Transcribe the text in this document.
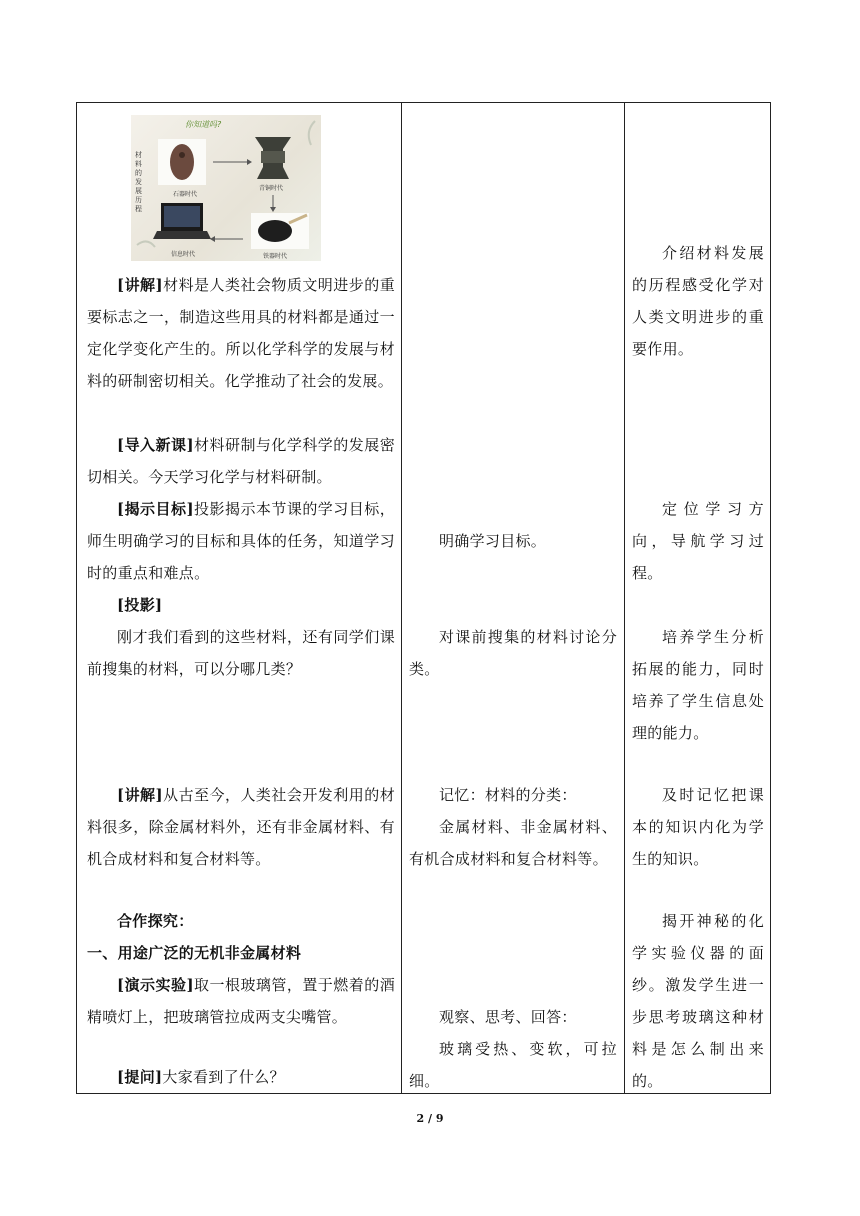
你知道吗?
材料的发展历程
石器时代
青铜时代
铁器时代
信息时代
[讲解]材料是人类社会物质文明进步的重要标志之一，制造这些用具的材料都是通过一定化学变化产生的。所以化学科学的发展与材料的研制密切相关。化学推动了社会的发展。
[导入新课]材料研制与化学科学的发展密切相关。今天学习化学与材料研制。
[揭示目标]投影揭示本节课的学习目标，师生明确学习的目标和具体的任务，知道学习时的重点和难点。
[投影]
刚才我们看到的这些材料，还有同学们课前搜集的材料，可以分哪几类？
[讲解]从古至今，人类社会开发利用的材料很多，除金属材料外，还有非金属材料、有机合成材料和复合材料等。
合作探究：
一、用途广泛的无机非金属材料
[演示实验]取一根玻璃管，置于燃着的酒精喷灯上，把玻璃管拉成两支尖嘴管。
[提问]大家看到了什么？
明确学习目标。
对课前搜集的材料讨论分类。
记忆：材料的分类：
金属材料、非金属材料、有机合成材料和复合材料等。
观察、思考、回答：
玻璃受热、变软，可拉细。
介绍材料发展的历程感受化学对人类文明进步的重要作用。
定位学习方向，导航学习过程。
培养学生分析拓展的能力，同时培养了学生信息处理的能力。
及时记忆把课本的知识内化为学生的知识。
揭开神秘的化学实验仪器的面纱。激发学生进一步思考玻璃这种材料是怎么制出来的。
2 / 9
